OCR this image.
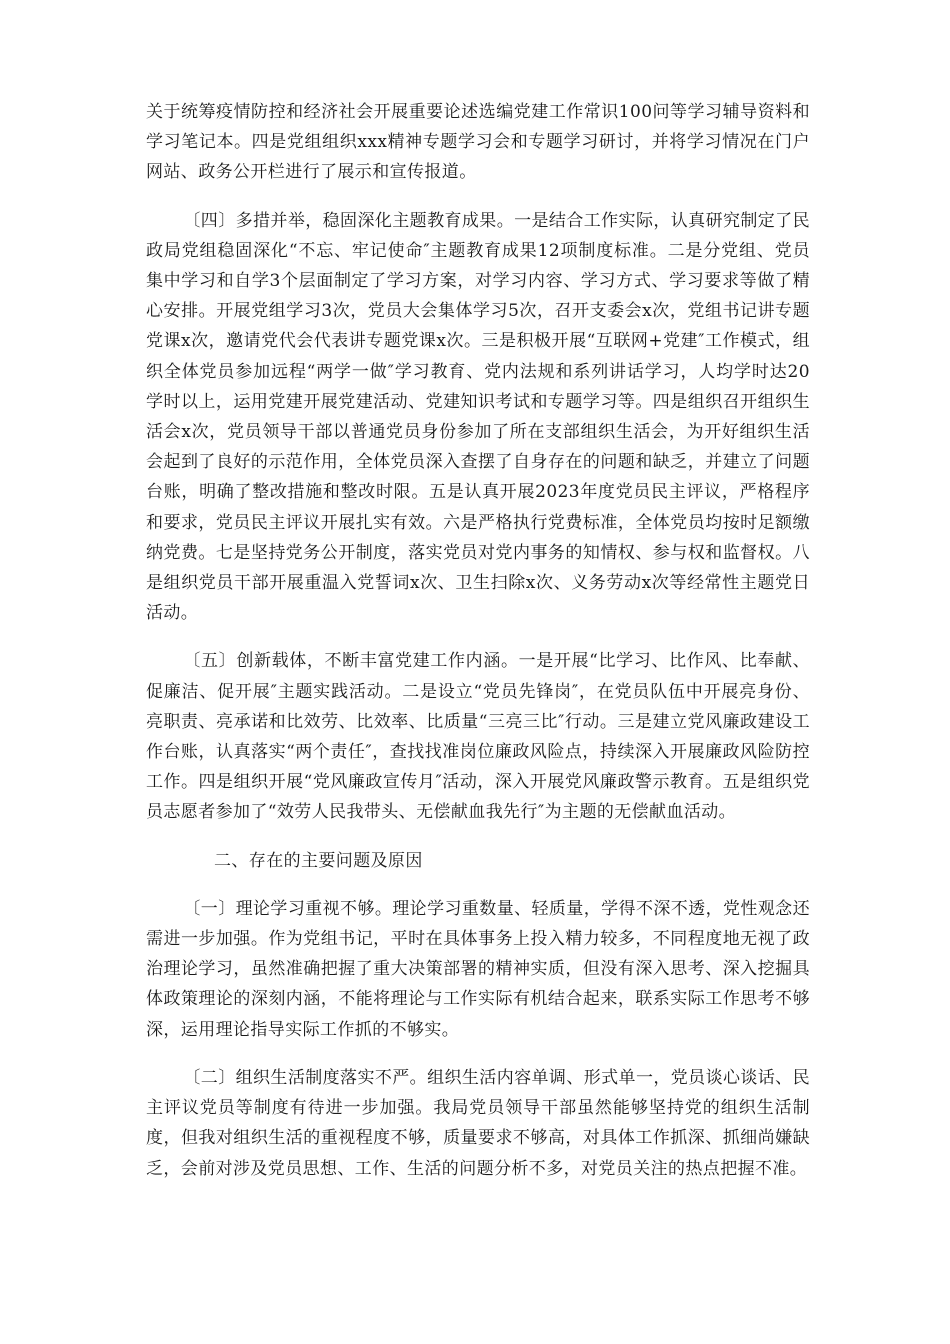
关于统筹疫情防控和经济社会开展重要论述选编党建工作常识100问等学习辅导资料和学习笔记本。四是党组组织xxx精神专题学习会和专题学习研讨，并将学习情况在门户网站、政务公开栏进行了展示和宣传报道。

〔四〕多措并举，稳固深化主题教育成果。一是结合工作实际，认真研究制定了民政局党组稳固深化“不忘、牢记使命″主题教育成果12项制度标准。二是分党组、党员集中学习和自学3个层面制定了学习方案，对学习内容、学习方式、学习要求等做了精心安排。开展党组学习3次，党员大会集体学习5次，召开支委会x次，党组书记讲专题党课x次，邀请党代会代表讲专题党课x次。三是积极开展“互联网+党建″工作模式，组织全体党员参加远程“两学一做″学习教育、党内法规和系列讲话学习，人均学时达20学时以上，运用党建开展党建活动、党建知识考试和专题学习等。四是组织召开组织生活会x次，党员领导干部以普通党员身份参加了所在支部组织生活会，为开好组织生活会起到了良好的示范作用，全体党员深入查摆了自身存在的问题和缺乏，并建立了问题台账，明确了整改措施和整改时限。五是认真开展2023年度党员民主评议，严格程序和要求，党员民主评议开展扎实有效。六是严格执行党费标准，全体党员均按时足额缴纳党费。七是坚持党务公开制度，落实党员对党内事务的知情权、参与权和监督权。八是组织党员干部开展重温入党誓词x次、卫生扫除x次、义务劳动x次等经常性主题党日活动。

〔五〕创新载体，不断丰富党建工作内涵。一是开展“比学习、比作风、比奉献、促廉洁、促开展″主题实践活动。二是设立“党员先锋岗″，在党员队伍中开展亮身份、亮职责、亮承诺和比效劳、比效率、比质量“三亮三比″行动。三是建立党风廉政建设工作台账，认真落实“两个责任″，查找找准岗位廉政风险点，持续深入开展廉政风险防控工作。四是组织开展“党风廉政宣传月″活动，深入开展党风廉政警示教育。五是组织党员志愿者参加了“效劳人民我带头、无偿献血我先行″为主题的无偿献血活动。

二、存在的主要问题及原因

〔一〕理论学习重视不够。理论学习重数量、轻质量，学得不深不透，党性观念还需进一步加强。作为党组书记，平时在具体事务上投入精力较多，不同程度地无视了政治理论学习，虽然准确把握了重大决策部署的精神实质，但没有深入思考、深入挖掘具体政策理论的深刻内涵，不能将理论与工作实际有机结合起来，联系实际工作思考不够深，运用理论指导实际工作抓的不够实。

〔二〕组织生活制度落实不严。组织生活内容单调、形式单一，党员谈心谈话、民主评议党员等制度有待进一步加强。我局党员领导干部虽然能够坚持党的组织生活制度，但我对组织生活的重视程度不够，质量要求不够高，对具体工作抓深、抓细尚嫌缺乏，会前对涉及党员思想、工作、生活的问题分析不多，对党员关注的热点把握不准。
